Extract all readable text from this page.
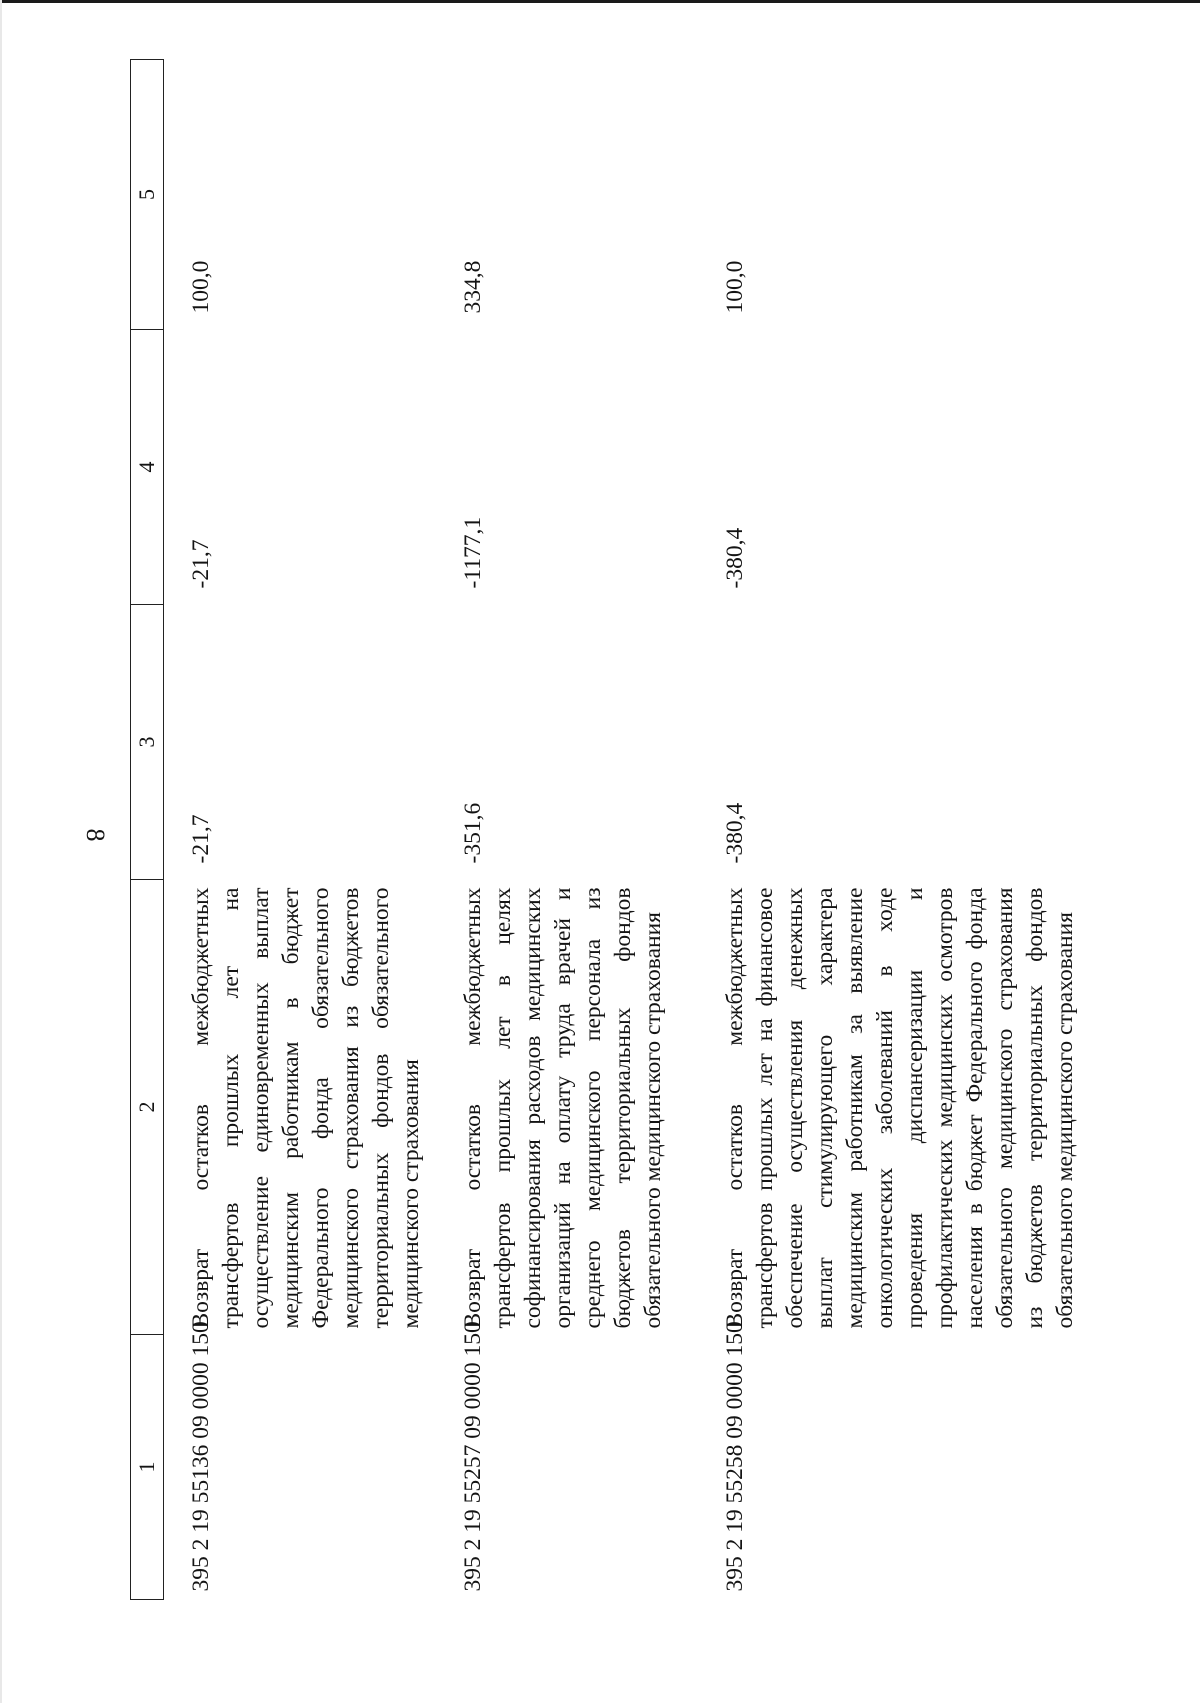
8
1	2	3	4	5
395 2 19 55136 09 0000 150	Возврат остатков межбюджетных трансфертов прошлых лет на осуществление единовременных выплат медицинским работникам в бюджет Федерального фонда обязательного медицинского страхования из бюджетов территориальных фондов обязательного медицинского страхования	-21,7	-21,7	100,0
395 2 19 55257 09 0000 150	Возврат остатков межбюджетных трансфертов прошлых лет в целях софинансирования расходов медицинских организаций на оплату труда врачей и среднего медицинского персонала из бюджетов территориальных фондов обязательного медицинского страхования	-351,6	-1177,1	334,8
395 2 19 55258 09 0000 150	Возврат остатков межбюджетных трансфертов прошлых лет на финансовое обеспечение осуществления денежных выплат стимулирующего характера медицинским работникам за выявление онкологических заболеваний в ходе проведения диспансеризации и профилактических медицинских осмотров населения в бюджет Федерального фонда обязательного медицинского страхования из бюджетов территориальных фондов обязательного медицинского страхования	-380,4	-380,4	100,0
